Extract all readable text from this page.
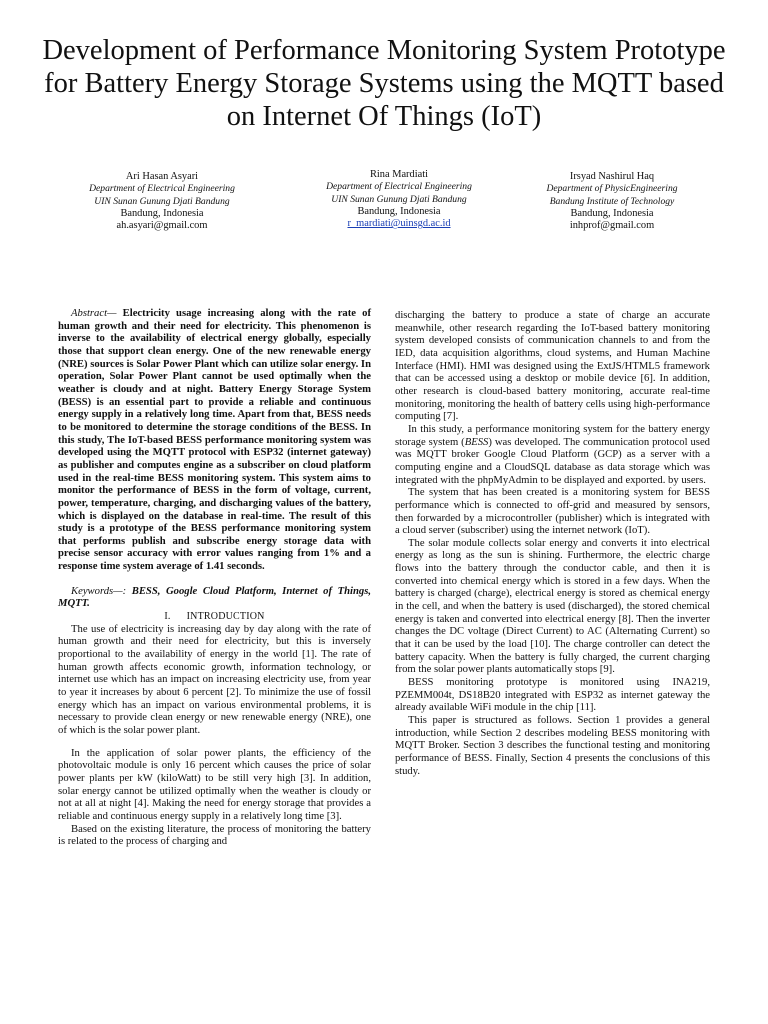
Development of Performance Monitoring System Prototype for Battery Energy Storage Systems using the MQTT based on Internet Of Things (IoT)
Ari Hasan Asyari
Department of Electrical Engineering
UIN Sunan Gunung Djati Bandung
Bandung, Indonesia
ah.asyari@gmail.com
Rina Mardiati
Department of Electrical Engineering
UIN Sunan Gunung Djati Bandung
Bandung, Indonesia
r_mardiati@uinsgd.ac.id
Irsyad Nashirul Haq
Department of PhysicEngineering
Bandung Institute of Technology
Bandung, Indonesia
inhprof@gmail.com

Abstract— Electricity usage increasing along with the rate of human growth and their need for electricity. This phenomenon is inverse to the availability of electrical energy globally, especially those that support clean energy. One of the new renewable energy (NRE) sources is Solar Power Plant which can utilize solar energy. In operation, Solar Power Plant cannot be used optimally when the weather is cloudy and at night. Battery Energy Storage System (BESS) is an essential part to provide a reliable and continuous energy supply in a relatively long time. Apart from that, BESS needs to be monitored to determine the storage conditions of the BESS. In this study, The IoT-based BESS performance monitoring system was developed using the MQTT protocol with ESP32 (internet gateway) as publisher and computes engine as a subscriber on cloud platform used in the real-time BESS monitoring system. This system aims to monitor the performance of BESS in the form of voltage, current, power, temperature, charging, and discharging values of the battery, which is displayed on the database in real-time. The result of this study is a prototype of the BESS performance monitoring system that performs publish and subscribe energy storage data with precise sensor accuracy with error values ranging from 1% and a response time system average of 1.41 seconds.

Keywords—: BESS, Google Cloud Platform, Internet of Things, MQTT.

I. INTRODUCTION

The use of electricity is increasing day by day along with the rate of human growth and their need for electricity, but this is inversely proportional to the availability of energy in the world [1]. The rate of human growth affects economic growth, information technology, or internet use which has an impact on increasing electricity use, from year to year it increases by about 6 percent [2]. To minimize the use of fossil energy which has an impact on various environmental problems, it is necessary to provide clean energy or new renewable energy (NRE), one of which is the solar power plant.

In the application of solar power plants, the efficiency of the photovoltaic module is only 16 percent which causes the price of solar power plants per kW (kiloWatt) to be still very high [3]. In addition, solar energy cannot be utilized optimally when the weather is cloudy or not at all at night [4]. Making the need for energy storage that provides a reliable and continuous energy supply in a relatively long time [3].

Based on the existing literature, the process of monitoring the battery is related to the process of charging and

discharging the battery to produce a state of charge an accurate meanwhile, other research regarding the IoT-based battery monitoring system developed consists of communication channels to and from the IED, data acquisition algorithms, cloud systems, and Human Machine Interface (HMI). HMI was designed using the ExtJS/HTML5 framework that can be accessed using a desktop or mobile device [6]. In addition, other research is cloud-based battery monitoring, accurate real-time monitoring, monitoring the health of battery cells using high-performance computing [7].

In this study, a performance monitoring system for the battery energy storage system (BESS) was developed. The communication protocol used was MQTT broker Google Cloud Platform (GCP) as a server with a computing engine and a CloudSQL database as data storage which was integrated with the phpMyAdmin to be displayed and exported. by users.

The system that has been created is a monitoring system for BESS performance which is connected to off-grid and measured by sensors, then forwarded by a microcontroller (publisher) which is integrated with a cloud server (subscriber) using the internet network (IoT).

The solar module collects solar energy and converts it into electrical energy as long as the sun is shining. Furthermore, the electric charge flows into the battery through the conductor cable, and then it is converted into chemical energy which is stored in a few days. When the battery is charged (charge), electrical energy is stored as chemical energy in the cell, and when the battery is used (discharged), the stored chemical energy is taken and converted into electrical energy [8]. Then the inverter changes the DC voltage (Direct Current) to AC (Alternating Current) so that it can be used by the load [10]. The charge controller can detect the battery capacity. When the battery is fully charged, the current charging from the solar power plants automatically stops [9].

BESS monitoring prototype is monitored using INA219, PZEMM004t, DS18B20 integrated with ESP32 as internet gateway the already available WiFi module in the chip [11].

This paper is structured as follows. Section 1 provides a general introduction, while Section 2 describes modeling BESS monitoring with MQTT Broker. Section 3 describes the functional testing and monitoring performance of BESS. Finally, Section 4 presents the conclusions of this study.
